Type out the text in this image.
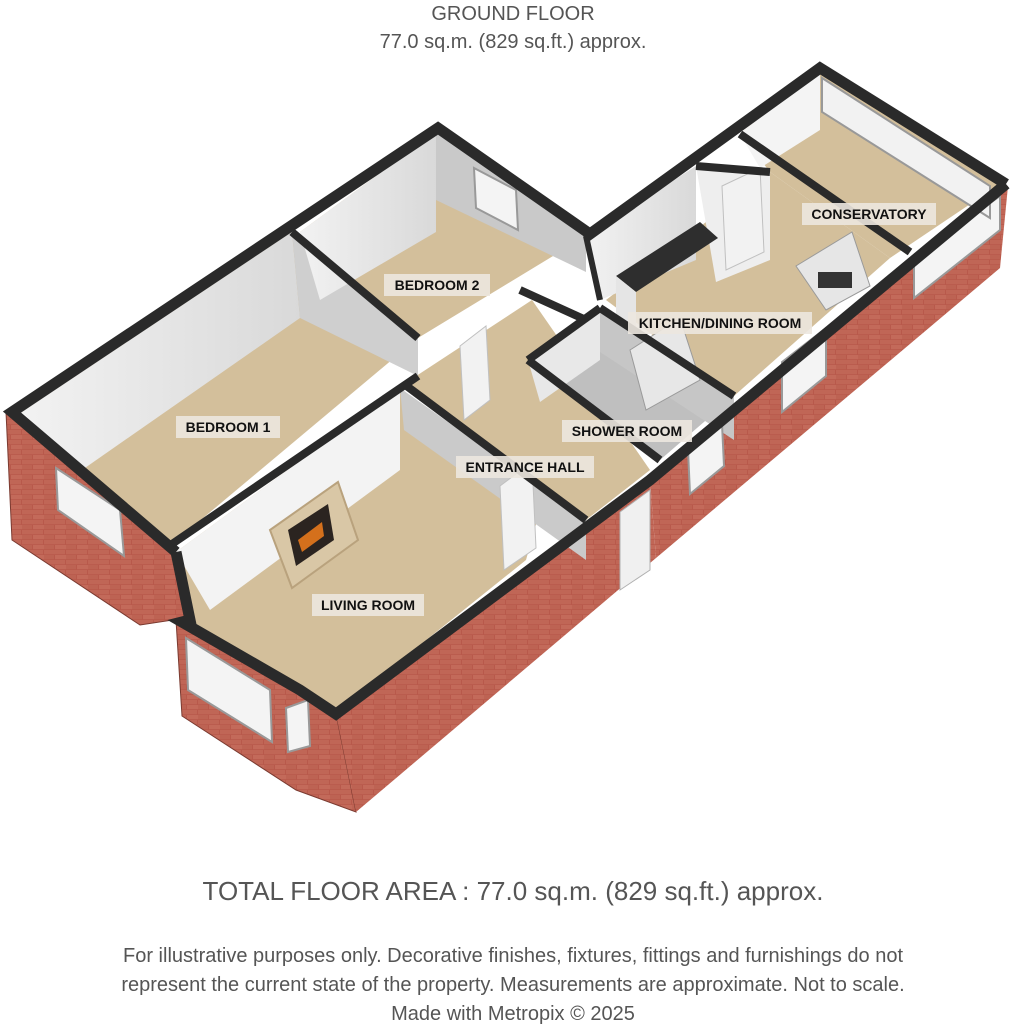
GROUND FLOOR
77.0 sq.m. (829 sq.ft.) approx.
BEDROOM 1
BEDROOM 2
LIVING ROOM
ENTRANCE HALL
SHOWER ROOM
KITCHEN/DINING ROOM
CONSERVATORY
TOTAL FLOOR AREA : 77.0 sq.m. (829 sq.ft.) approx.
For illustrative purposes only. Decorative finishes, fixtures, fittings and furnishings do not
represent the current state of the property. Measurements are approximate. Not to scale.
Made with Metropix © 2025
